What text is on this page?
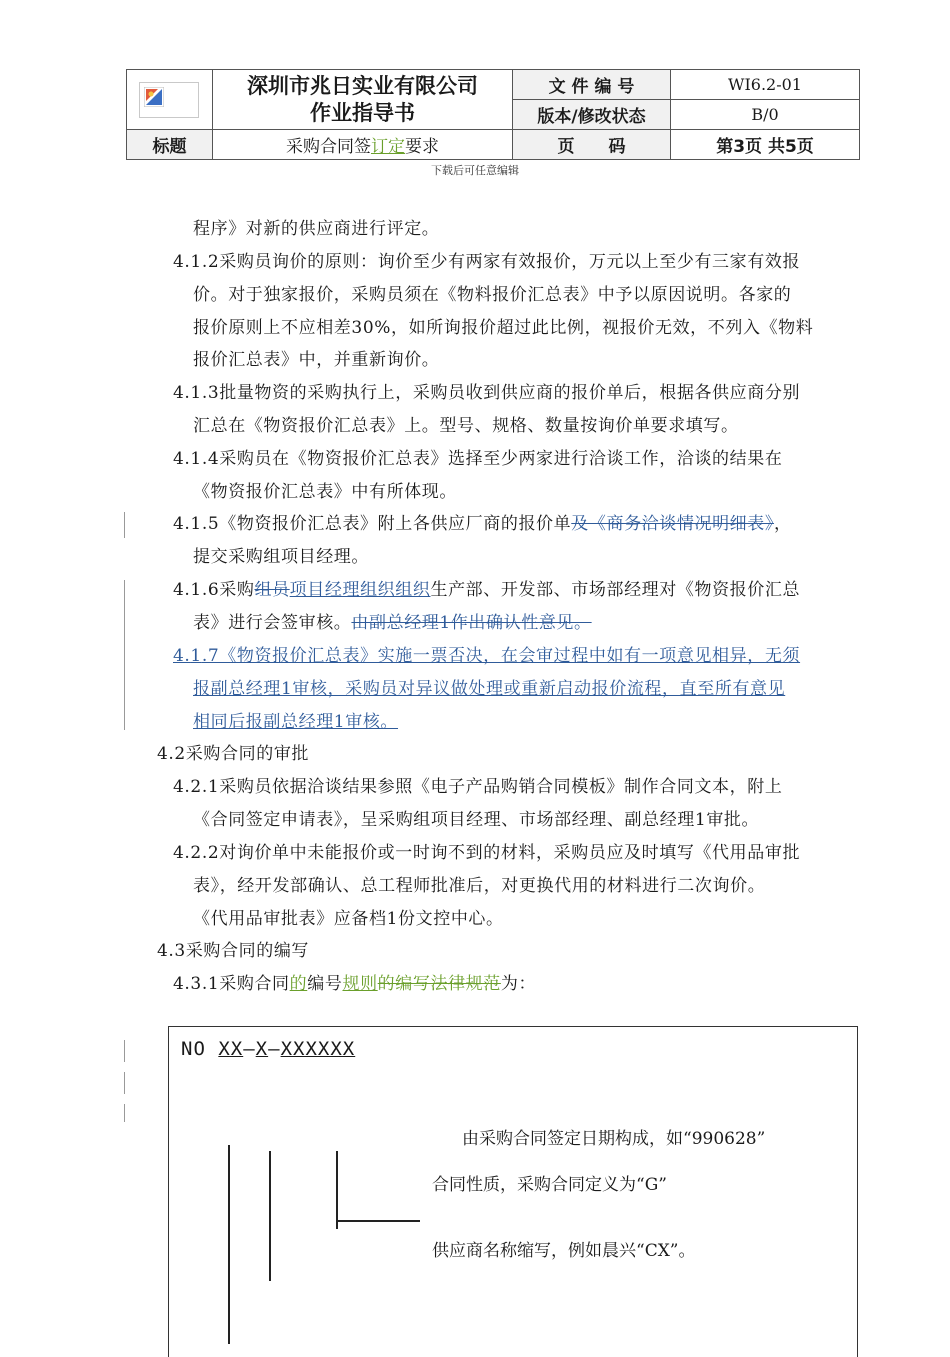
深圳市兆日实业有限公司
作业指导书	文 件 编 号	WI6.2-01
		版本/修改状态	B/0
标题	采购合同签订定要求	页　　码	第3页 共5页
下载后可任意编辑
程序》对新的供应商进行评定。
4.1.2采购员询价的原则：询价至少有两家有效报价，万元以上至少有三家有效报
价。对于独家报价，采购员须在《物料报价汇总表》中予以原因说明。各家的
报价原则上不应相差30%，如所询报价超过此比例，视报价无效，不列入《物料
报价汇总表》中，并重新询价。
4.1.3批量物资的采购执行上，采购员收到供应商的报价单后，根据各供应商分别
汇总在《物资报价汇总表》上。型号、规格、数量按询价单要求填写。
4.1.4采购员在《物资报价汇总表》选择至少两家进行洽谈工作，洽谈的结果在
《物资报价汇总表》中有所体现。
4.1.5《物资报价汇总表》附上各供应厂商的报价单及《商务洽谈情况明细表》，
提交采购组项目经理。
4.1.6采购组员项目经理组织组织生产部、开发部、市场部经理对《物资报价汇总
表》进行会签审核。由副总经理1作出确认性意见。
4.1.7《物资报价汇总表》实施一票否决，在会审过程中如有一项意见相异，无须
报副总经理1审核，采购员对异议做处理或重新启动报价流程，直至所有意见
相同后报副总经理1审核。
4.2采购合同的审批
4.2.1采购员依据洽谈结果参照《电子产品购销合同模板》制作合同文本，附上
《合同签定申请表》，呈采购组项目经理、市场部经理、副总经理1审批。
4.2.2对询价单中未能报价或一时询不到的材料，采购员应及时填写《代用品审批
表》，经开发部确认、总工程师批准后，对更换代用的材料进行二次询价。
《代用品审批表》应备档1份文控中心。
4.3采购合同的编写
4.3.1采购合同的编号规则的编写法律规范为：
NO XX—X—XXXXXX
由采购合同签定日期构成，如“990628”
合同性质，采购合同定义为“G”
供应商名称缩写，例如晨兴“CX”。
